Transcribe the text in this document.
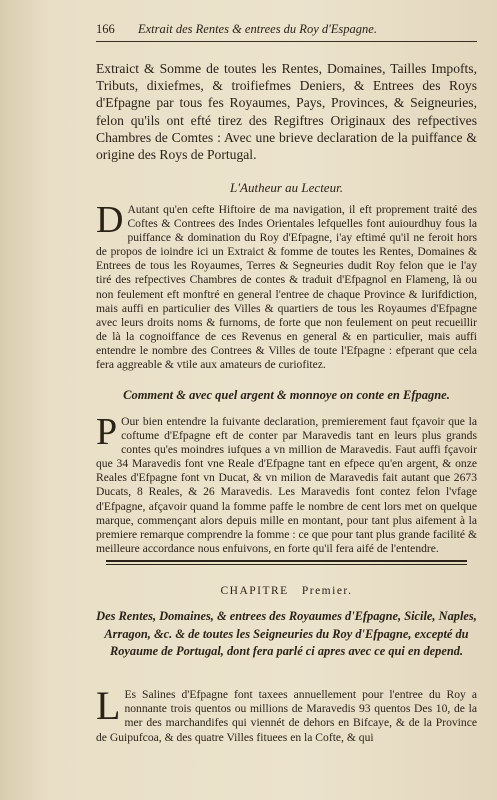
166 Extrait des Rentes & entrees du Roy d'Espagne.
Extraict & Somme de toutes les Rentes, Domaines, Tailles Impofts, Tributs, dixiefmes, & troifiefmes Deniers, & Entrees des Roys d'Efpagne par tous fes Royaumes, Pays, Provinces, & Seigneuries, felon qu'ils ont efté tirez des Regiftres Originaux des refpectives Chambres de Comtes : Avec une brieve declaration de la puiffance & origine des Roys de Portugal.
L'Autheur au Lecteur.
D Autant qu'en cefte Hiftoire de ma navigation, il eft proprement traité des Coftes & Contrees des Indes Orientales lefquelles font auiourdhuy fous la puiffance & domination du Roy d'Efpagne, i'ay eftimé qu'il ne feroit hors de propos de ioindre ici un Extraict & fomme de toutes les Rentes, Domaines & Entrees de tous les Royaumes, Terres & Segneuries dudit Roy felon que ie l'ay tiré des refpectives Chambres de contes & traduit d'Efpagnol en Flameng, là ou non feulement eft monftré en general l'entree de chaque Province & Iurifdiction, mais auffi en particulier des Villes & quartiers de tous les Royaumes d'Efpagne avec leurs droits noms & furnoms, de forte que non feulement on peut recueillir de là la cognoiffance de ces Revenus en general & en particulier, mais auffi entendre le nombre des Contrees & Villes de toute l'Efpagne : efperant que cela fera aggreable & vtile aux amateurs de curiofitez.
Comment & avec quel argent & monnoye on conte en Efpagne.
P Our bien entendre la fuivante declaration, premierement faut fçavoir que la coftume d'Efpagne eft de conter par Maravedis tant en leurs plus grands contes qu'es moindres iufques a vn million de Maravedis. Faut auffi fçavoir que 34 Maravedis font vne Reale d'Efpagne tant en efpece qu'en argent, & onze Reales d'Efpagne font vn Ducat, & vn milion de Maravedis fait autant que 2673 Ducats, 8 Reales, & 26 Maravedis. Les Maravedis font contez felon l'vfage d'Efpagne, afçavoir quand la fomme paffe le nombre de cent lors met on quelque marque, commençant alors depuis mille en montant, pour tant plus aifement à la premiere remarque comprendre la fomme : ce que pour tant plus grande facilité & meilleure accordance nous enfuivons, en forte qu'il fera aifé de l'entendre.
CHAPITRE Premier.
Des Rentes, Domaines, & entrees des Royaumes d'Efpagne, Sicile, Naples, Arragon, &c. & de toutes les Seigneuries du Roy d'Efpagne, excepté du Royaume de Portugal, dont fera parlé ci apres avec ce qui en depend.
L Es Salines d'Efpagne font taxees annuellement pour l'entree du Roy a nonnante trois quentos ou millions de Maravedis 93 quentos Des 10, de la mer des marchandifes qui viennét de dehors en Bifcaye, & de la Province de Guipufcoa, & des quatre Villes fituees en la Cofte, & qui
